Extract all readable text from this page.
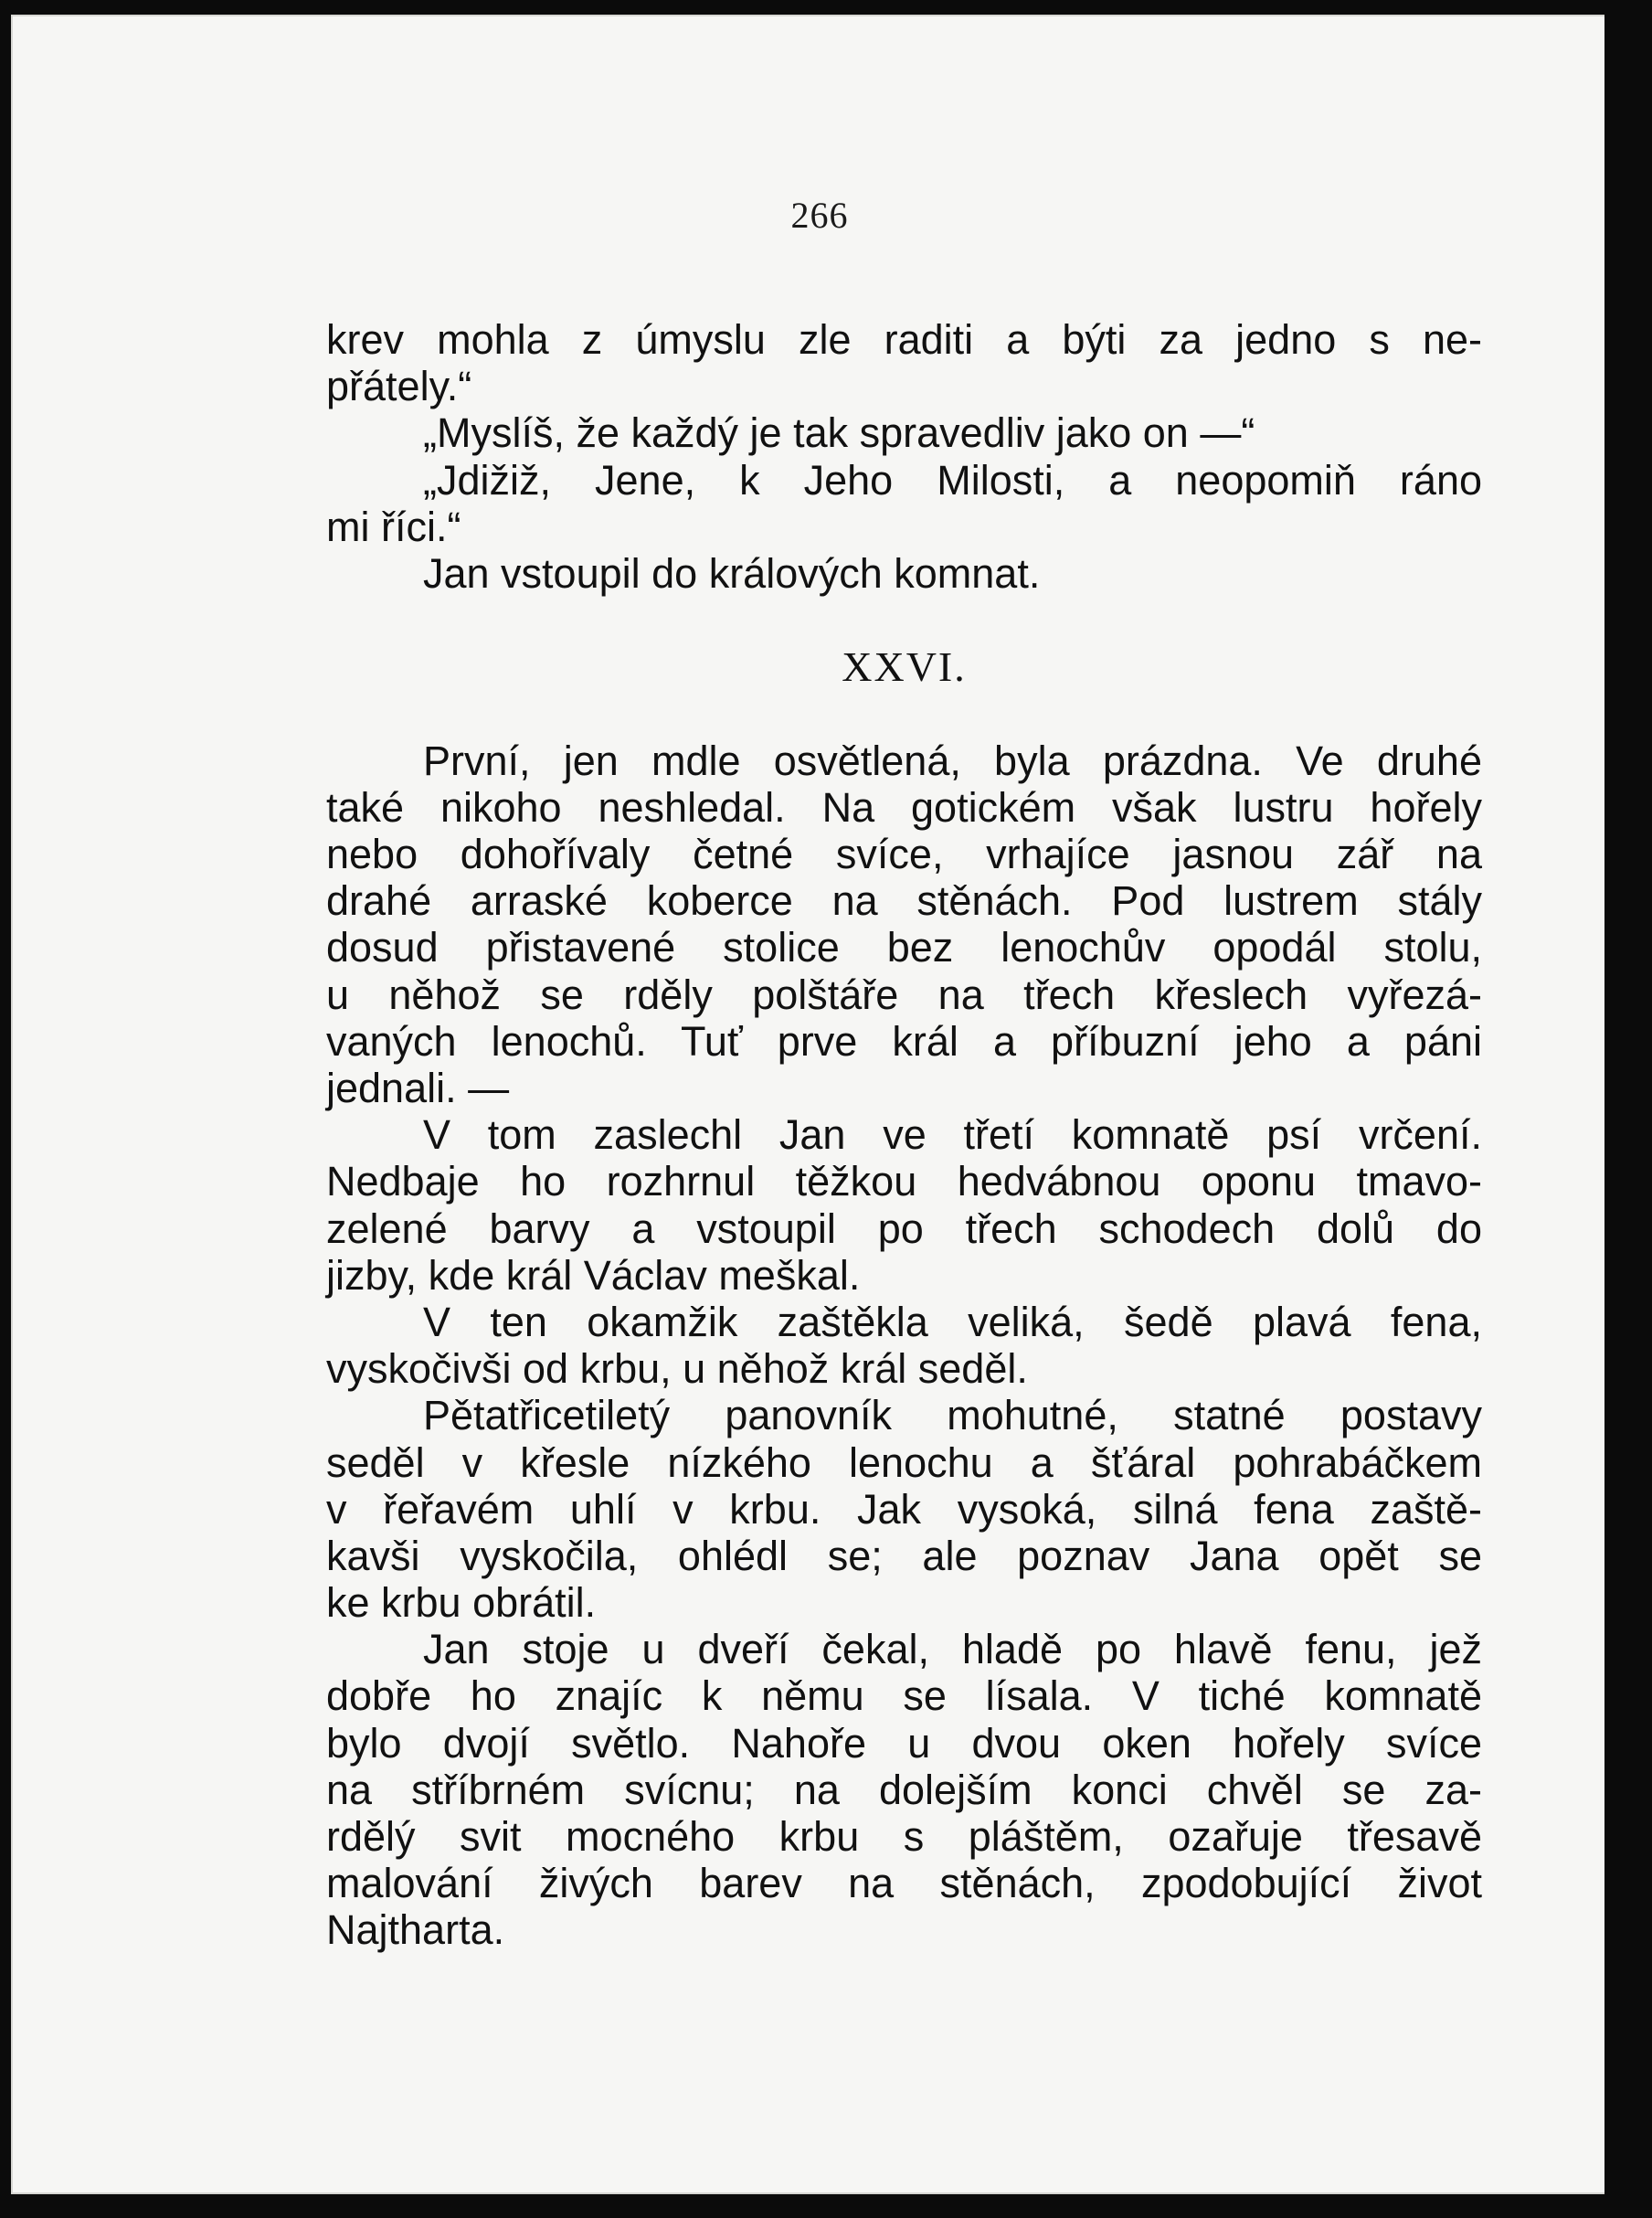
266
krev mohla z úmyslu zle raditi a býti za jedno s ne-
přátely.“
„Myslíš, že každý je tak spravedliv jako on —“
„Jdižiž, Jene, k Jeho Milosti, a neopomiň ráno
mi říci.“
Jan vstoupil do králových komnat.
XXVI.
První, jen mdle osvětlená, byla prázdna. Ve druhé
také nikoho neshledal. Na gotickém však lustru hořely
nebo dohořívaly četné svíce, vrhajíce jasnou zář na
drahé arraské koberce na stěnách. Pod lustrem stály
dosud přistavené stolice bez lenochův opodál stolu,
u něhož se rděly polštáře na třech křeslech vyřezá-
vaných lenochů. Tuť prve král a příbuzní jeho a páni
jednali. —
V tom zaslechl Jan ve třetí komnatě psí vrčení.
Nedbaje ho rozhrnul těžkou hedvábnou oponu tmavo-
zelené barvy a vstoupil po třech schodech dolů do
jizby, kde král Václav meškal.
V ten okamžik zaštěkla veliká, šedě plavá fena,
vyskočivši od krbu, u něhož král seděl.
Pětatřicetiletý panovník mohutné, statné postavy
seděl v křesle nízkého lenochu a šťáral pohrabáčkem
v řeřavém uhlí v krbu. Jak vysoká, silná fena zaště-
kavši vyskočila, ohlédl se; ale poznav Jana opět se
ke krbu obrátil.
Jan stoje u dveří čekal, hladě po hlavě fenu, jež
dobře ho znajíc k němu se lísala. V tiché komnatě
bylo dvojí světlo. Nahoře u dvou oken hořely svíce
na stříbrném svícnu; na dolejším konci chvěl se za-
rdělý svit mocného krbu s pláštěm, ozařuje třesavě
malování živých barev na stěnách, zpodobující život
Najtharta.
